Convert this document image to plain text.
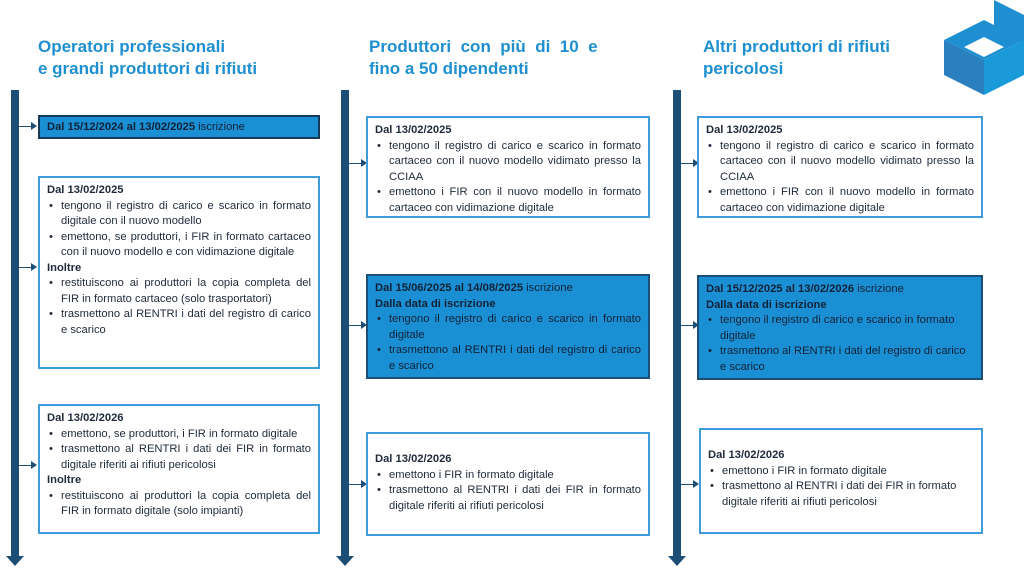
Operatori professionali
e grandi produttori di rifiuti
Dal 15/12/2024 al 13/02/2025 iscrizione
Dal 13/02/2025
• tengono il registro di carico e scarico in formato digitale con il nuovo modello
• emettono, se produttori, i FIR in formato cartaceo con il nuovo modello e con vidimazione digitale
Inoltre
• restituiscono ai produttori la copia completa del FIR in formato cartaceo (solo trasportatori)
• trasmettono al RENTRI i dati del registro di carico e scarico
Dal 13/02/2026
• emettono, se produttori, i FIR in formato digitale
• trasmettono al RENTRI i dati dei FIR in formato digitale riferiti ai rifiuti pericolosi
Inoltre
• restituiscono ai produttori la copia completa del FIR in formato digitale (solo impianti)
Produttori  con  più  di  10  e
fino a 50 dipendenti
Dal 13/02/2025
• tengono il registro di carico e scarico in formato cartaceo con il nuovo modello vidimato presso la CCIAA
• emettono i FIR con il nuovo modello in formato cartaceo con vidimazione digitale
Dal 15/06/2025 al 14/08/2025 iscrizione
Dalla data di iscrizione
• tengono il registro di carico e scarico in formato digitale
• trasmettono al RENTRI i dati del registro di carico e scarico
Dal 13/02/2026
• emettono i FIR in formato digitale
• trasmettono al RENTRI i dati dei FIR in formato digitale riferiti ai rifiuti pericolosi
Altri produttori di rifiuti
pericolosi
Dal 13/02/2025
• tengono il registro di carico e scarico in formato cartaceo con il nuovo modello vidimato presso la CCIAA
• emettono i FIR con il nuovo modello in formato cartaceo con vidimazione digitale
Dal 15/12/2025 al 13/02/2026 iscrizione
Dalla data di iscrizione
• tengono il registro di carico e scarico in formato digitale
• trasmettono al RENTRI i dati del registro di carico e scarico
Dal 13/02/2026
• emettono i FIR in formato digitale
• trasmettono al RENTRI i dati dei FIR in formato digitale riferiti ai rifiuti pericolosi
